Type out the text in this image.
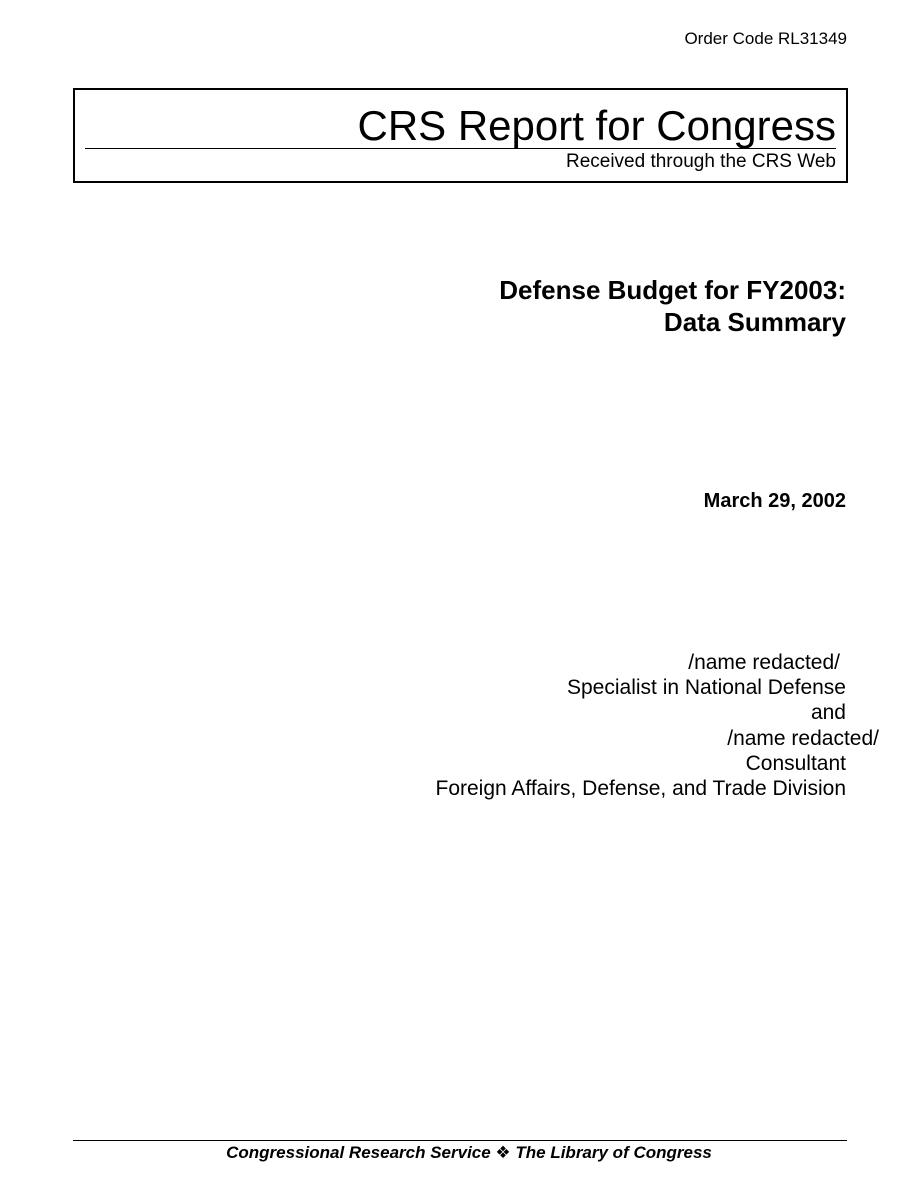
Order Code RL31349
CRS Report for Congress
Received through the CRS Web
Defense Budget for FY2003:
Data Summary
March 29, 2002
/name redacted/
Specialist in National Defense
and
/name redacted/
Consultant
Foreign Affairs, Defense, and Trade Division
Congressional Research Service ❖ The Library of Congress
